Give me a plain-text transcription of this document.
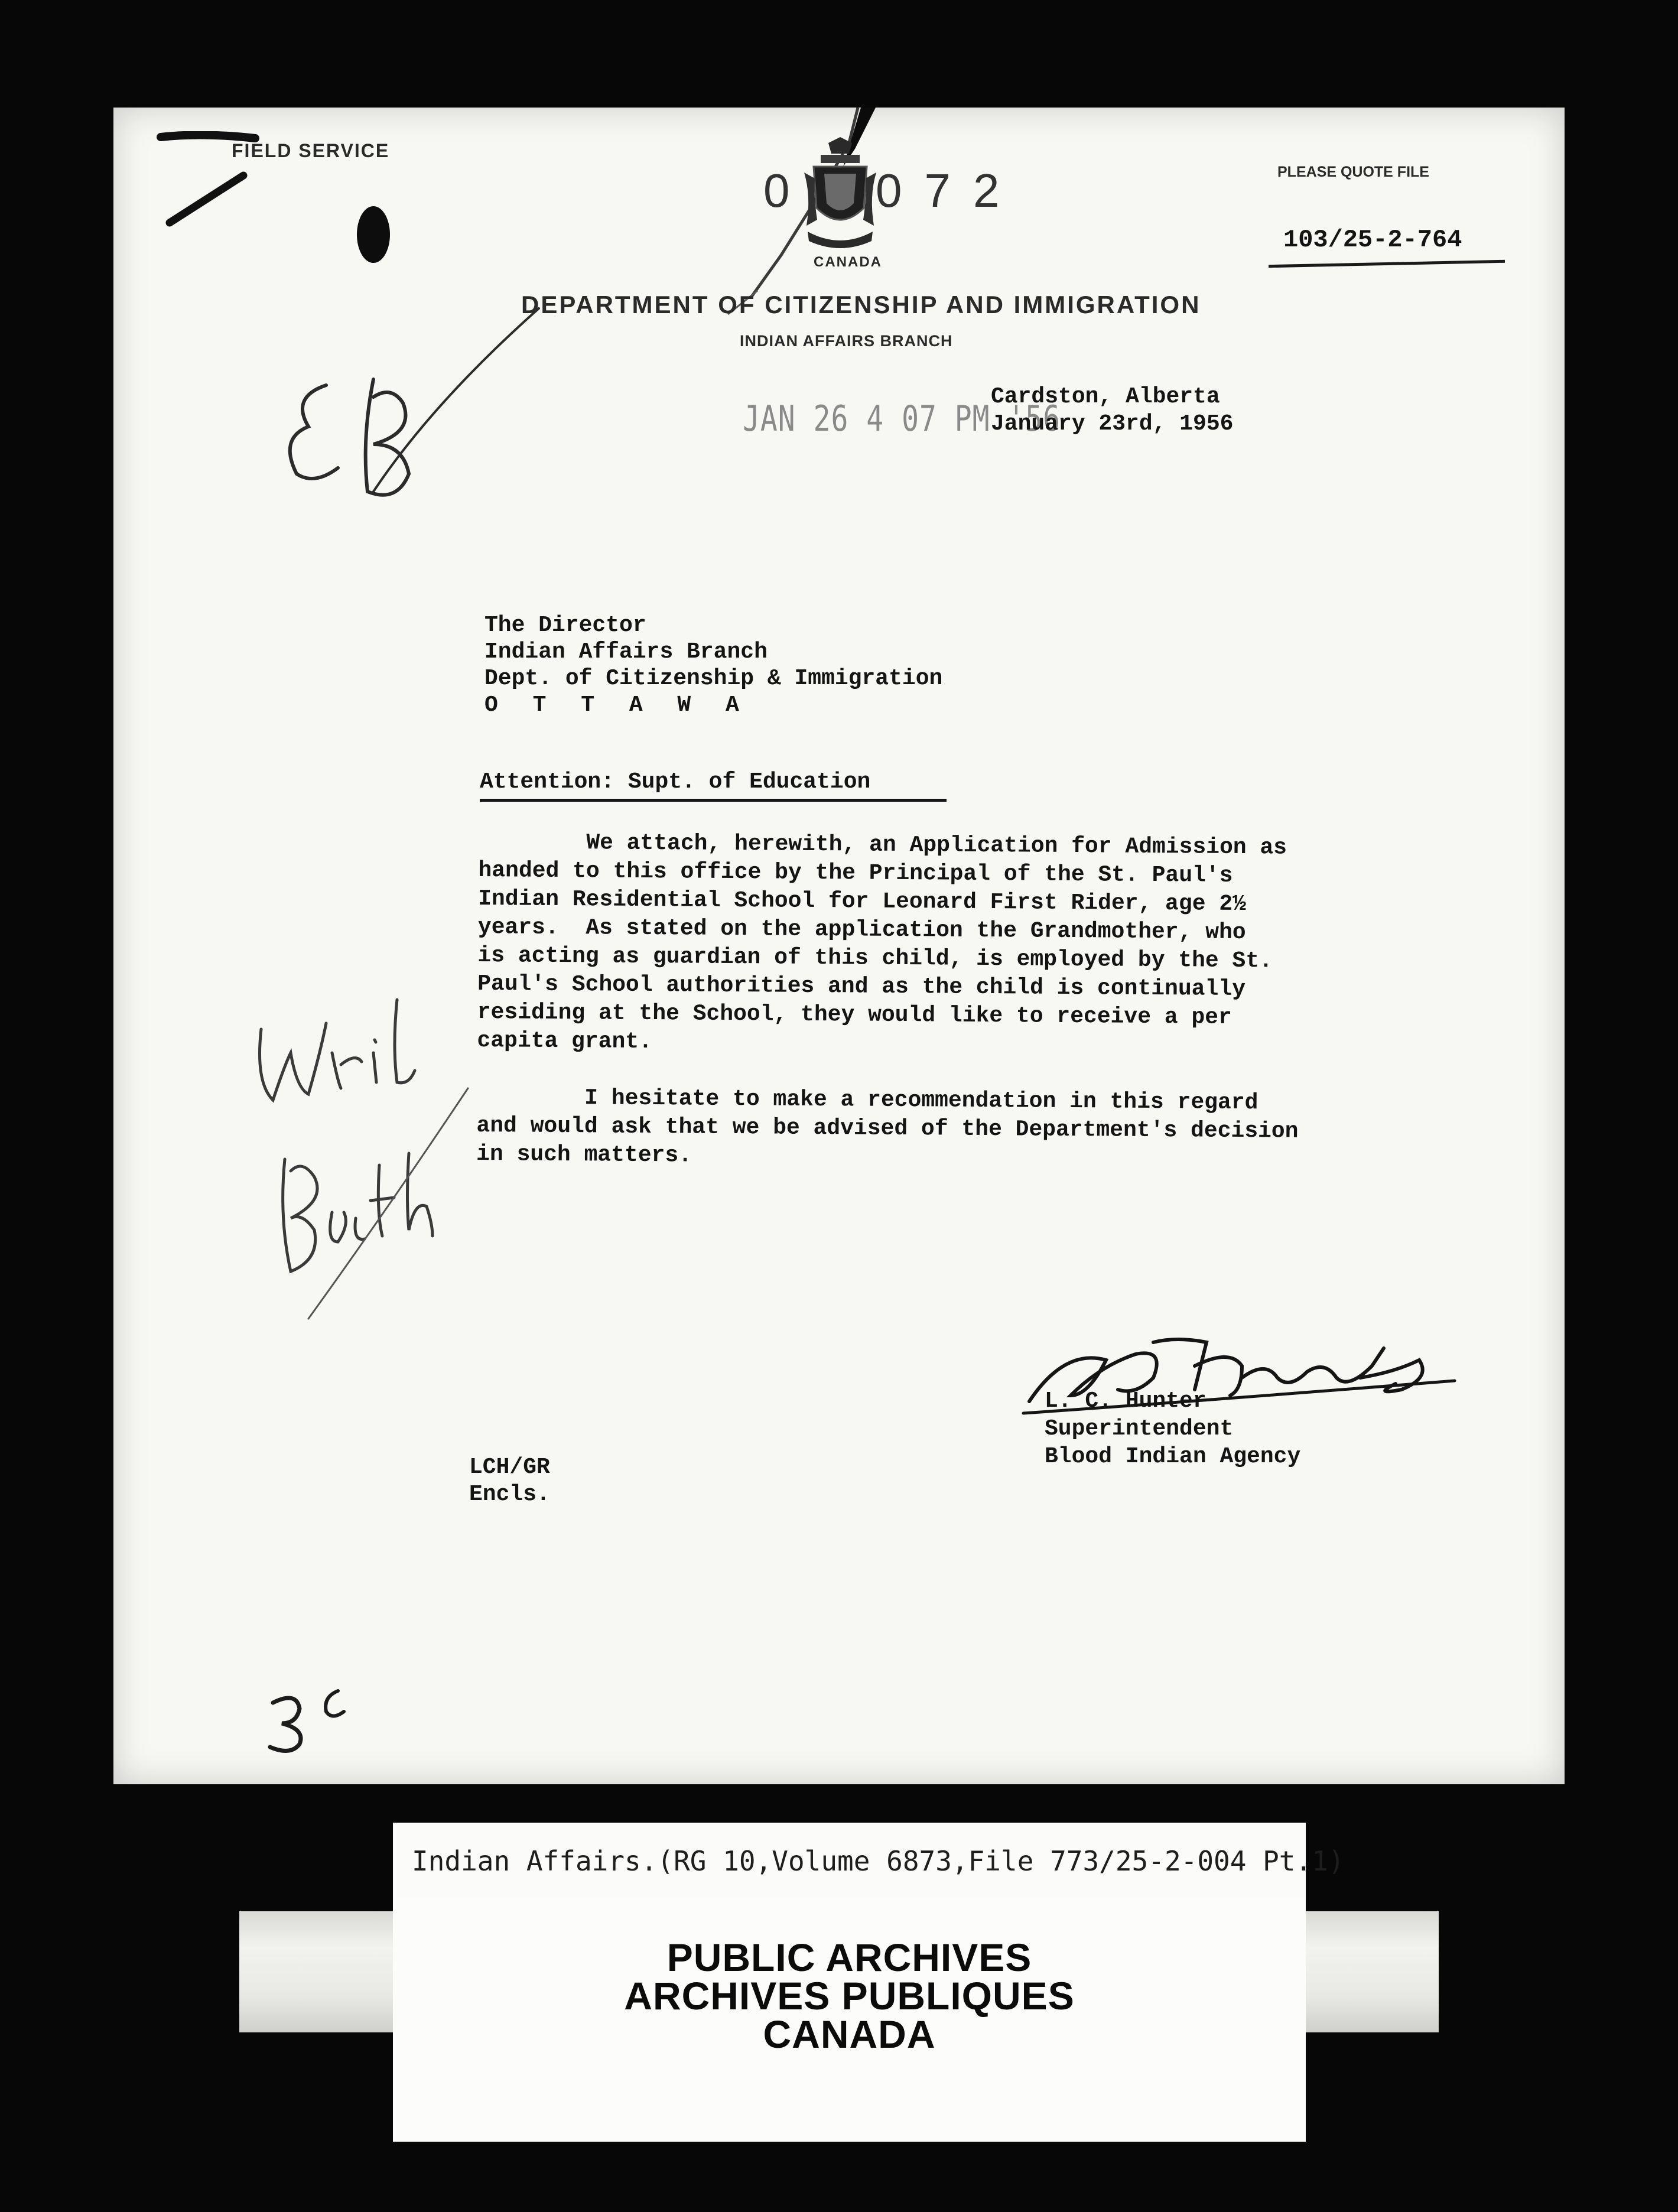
FIELD SERVICE
0 072
CANADA
PLEASE QUOTE FILE
103/25-2-764
DEPARTMENT OF CITIZENSHIP AND IMMIGRATION
INDIAN AFFAIRS BRANCH
JAN 26 4 07 PM '56
Cardston, Alberta
January 23rd, 1956
The Director
Indian Affairs Branch
Dept. of Citizenship & Immigration
O T T A W A
Attention: Supt. of Education
We attach, herewith, an Application for Admission as
handed to this office by the Principal of the St. Paul's
Indian Residential School for Leonard First Rider, age 2½
years.  As stated on the application the Grandmother, who
is acting as guardian of this child, is employed by the St.
Paul's School authorities and as the child is continually
residing at the School, they would like to receive a per
capita grant.

I hesitate to make a recommendation in this regard
and would ask that we be advised of the Department's decision
in such matters.
L. C. Hunter
Superintendent
Blood Indian Agency
LCH/GR
Encls.
PUBLIC ARCHIVES
ARCHIVES PUBLIQUES
CANADA
Indian Affairs.(RG 10,Volume 6873,File 773/25-2-004 Pt.1)
